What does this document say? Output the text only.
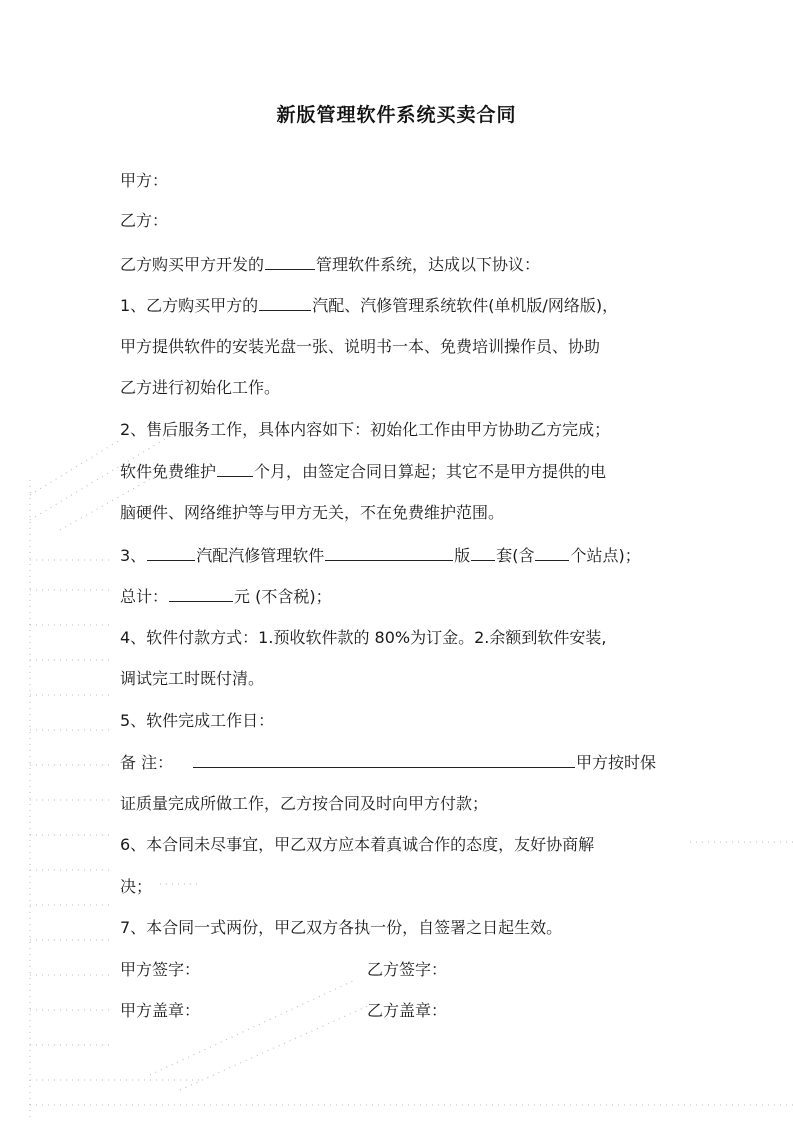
新版管理软件系统买卖合同
甲方：
乙方：
乙方购买甲方开发的	管理软件系统，达成以下协议：
1、乙方购买甲方的	汽配、汽修管理系统软件(单机版/网络版)，
甲方提供软件的安装光盘一张、说明书一本、免费培训操作员、协助
乙方进行初始化工作。
2、售后服务工作，具体内容如下：初始化工作由甲方协助乙方完成；
软件免费维护 个月，由签定合同日算起；其它不是甲方提供的电
脑硬件、网络维护等与甲方无关，不在免费维护范围。
3、	汽配汽修管理软件	版 套(含 个站点)；
总计：	元 (不含税)；
4、软件付款方式：1.预收软件款的 80%为订金。2.余额到软件安装,
调试完工时既付清。
5、软件完成工作日：
备 注：	甲方按时保
证质量完成所做工作，乙方按合同及时向甲方付款；
6、本合同未尽事宜，甲乙双方应本着真诚合作的态度，友好协商解
决；
7、本合同一式两份，甲乙双方各执一份，自签署之日起生效。
甲方签字：	乙方签字：
甲方盖章：	乙方盖章：
